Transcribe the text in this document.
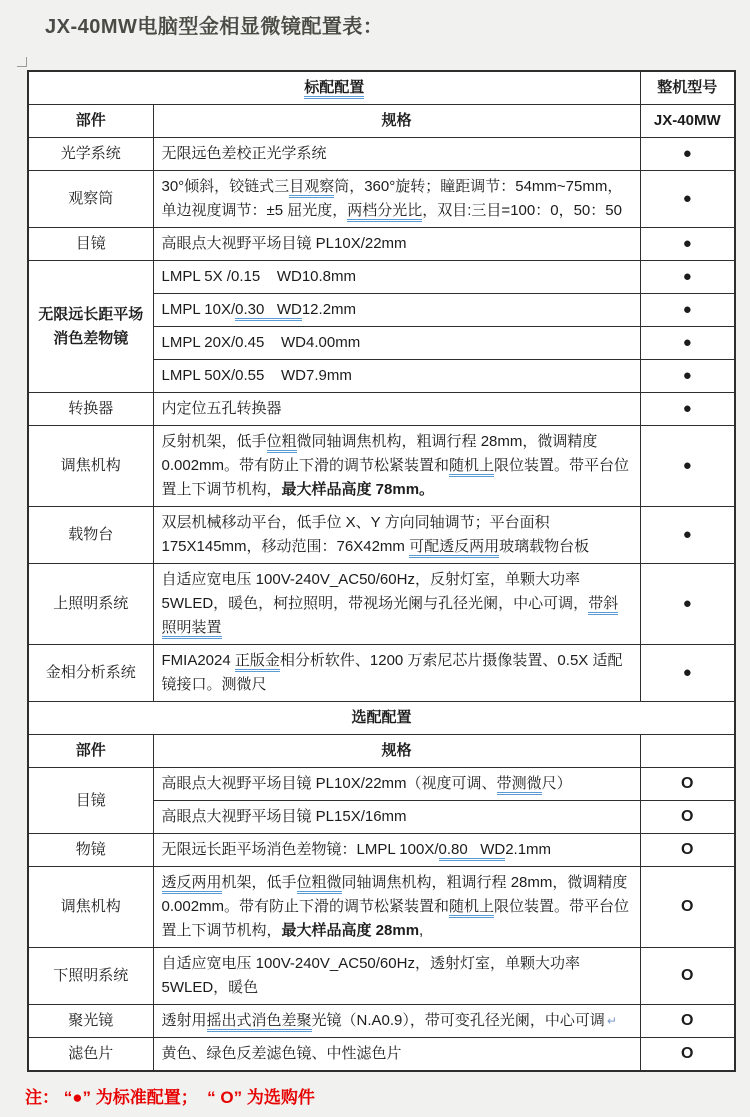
JX-40MW电脑型金相显微镜配置表：
标配配置		整机型号
部件	规格	JX-40MW
光学系统	无限远色差校正光学系统	●
观察筒	30°倾斜，铰链式三目观察筒，360°旋转；瞳距调节：54mm~75mm，单边视度调节：±5 屈光度，两档分光比，双目:三目=100：0，50：50	●
目镜	高眼点大视野平场目镜 PL10X/22mm	●
无限远长距平场消色差物镜	LMPL 5X /0.15    WD10.8mm	●
	LMPL 10X/0.30   WD12.2mm	●
	LMPL 20X/0.45    WD4.00mm	●
	LMPL 50X/0.55    WD7.9mm	●
转换器	内定位五孔转换器	●
调焦机构	反射机架，低手位粗微同轴调焦机构，粗调行程 28mm，微调精度 0.002mm。带有防止下滑的调节松紧装置和随机上限位装置。带平台位置上下调节机构，最大样品高度 78mm。	●
载物台	双层机械移动平台，低手位 X、Y 方向同轴调节；平台面积 175X145mm，移动范围：76X42mm 可配透反两用玻璃载物台板	●
上照明系统	自适应宽电压 100V-240V_AC50/60Hz，反射灯室，单颗大功率 5WLED，暖色，柯拉照明，带视场光阑与孔径光阑，中心可调，带斜照明装置	●
金相分析系统	FMIA2024 正版金相分析软件、1200 万索尼芯片摄像装置、0.5X 适配镜接口。测微尺	●
选配配置		
部件	规格	
目镜	高眼点大视野平场目镜 PL10X/22mm（视度可调、带测微尺）	O
	高眼点大视野平场目镜 PL15X/16mm	O
物镜	无限远长距平场消色差物镜：LMPL 100X/0.80   WD2.1mm	O
调焦机构	透反两用机架，低手位粗微同轴调焦机构，粗调行程 28mm，微调精度 0.002mm。带有防止下滑的调节松紧装置和随机上限位装置。带平台位置上下调节机构，最大样品高度 28mm,	O
下照明系统	自适应宽电压 100V-240V_AC50/60Hz，透射灯室，单颗大功率 5WLED，暖色	O
聚光镜	透射用摇出式消色差聚光镜（N.A0.9），带可变孔径光阑，中心可调 ↵	O
滤色片	黄色、绿色反差滤色镜、中性滤色片	O

注： “●” 为标准配置；  “ O” 为选购件
